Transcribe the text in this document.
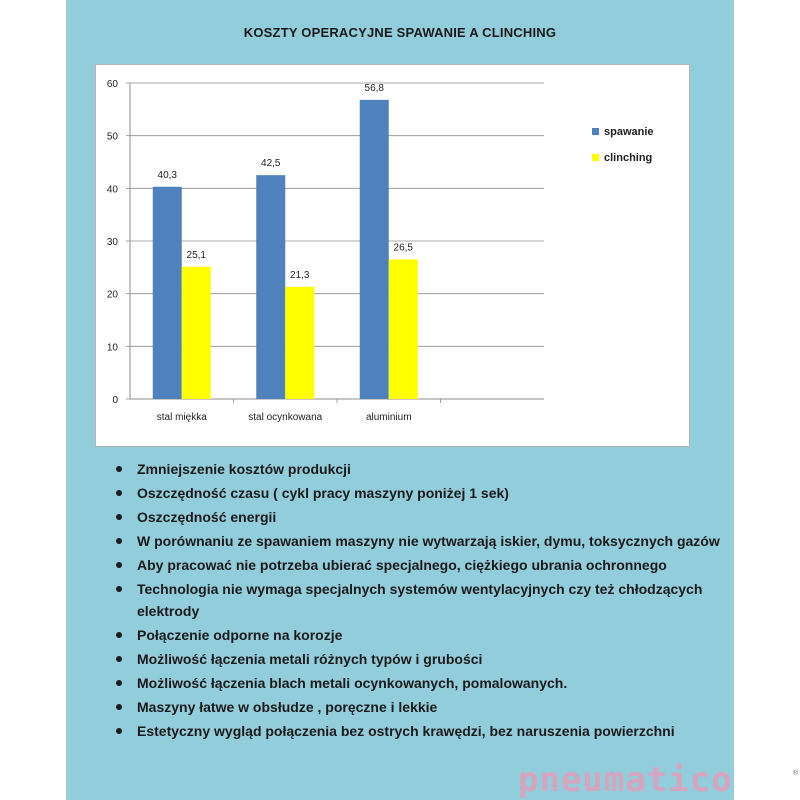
KOSZTY OPERACYJNE SPAWANIE A CLINCHING
0
10
20
30
40
50
60
stal miękka
40,3
25,1
stal ocynkowana
42,5
21,3
aluminium
56,8
26,5
spawanie
clinching
Zmniejszenie kosztów produkcji
Oszczędność czasu ( cykl pracy maszyny poniżej 1 sek)
Oszczędność energii
W porównaniu ze spawaniem maszyny nie wytwarzają iskier, dymu, toksycznych gazów
Aby pracować nie potrzeba ubierać specjalnego, ciężkiego ubrania ochronnego
Technologia nie wymaga specjalnych systemów wentylacyjnych czy też chłodzących elektrody
Połączenie odporne na korozje
Możliwość łączenia metali różnych typów i grubości
Możliwość łączenia blach metali ocynkowanych, pomalowanych.
Maszyny łatwe w obsłudze , poręczne i lekkie
Estetyczny wygląd połączenia bez ostrych krawędzi, bez naruszenia powierzchni
pneumatico	®
